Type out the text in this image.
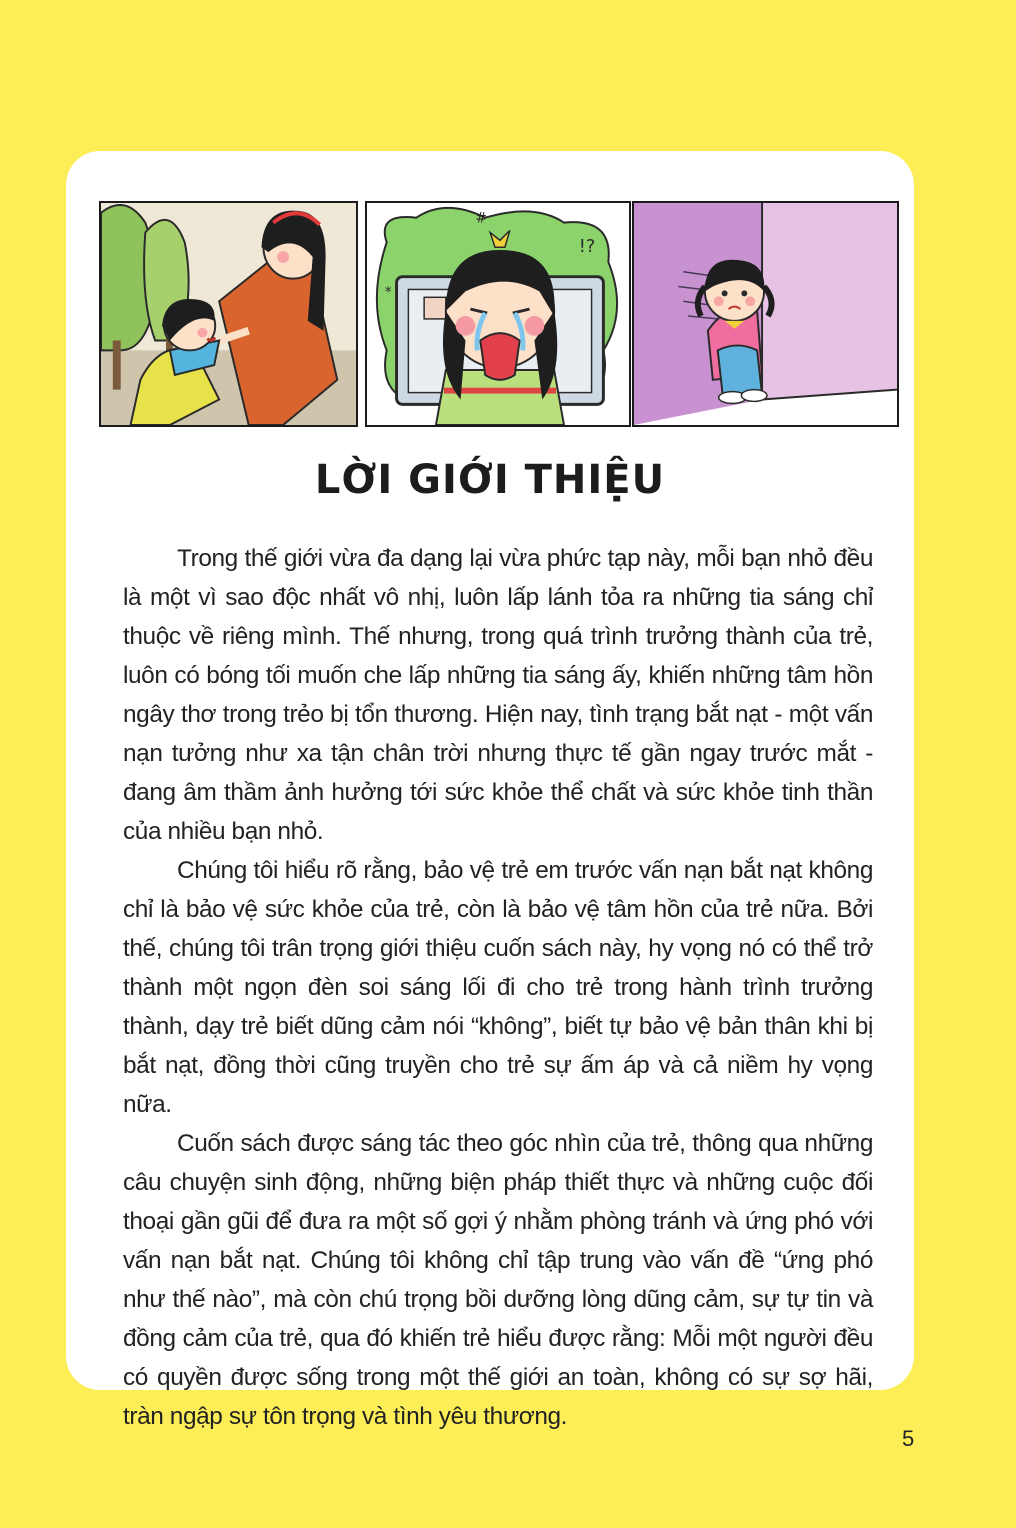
#
!?
*
LỜI GIỚI THIỆU

Trong thế giới vừa đa dạng lại vừa phức tạp này, mỗi bạn nhỏ đều là một vì sao độc nhất vô nhị, luôn lấp lánh tỏa ra những tia sáng chỉ thuộc về riêng mình. Thế nhưng, trong quá trình trưởng thành của trẻ, luôn có bóng tối muốn che lấp những tia sáng ấy, khiến những tâm hồn ngây thơ trong trẻo bị tổn thương. Hiện nay, tình trạng bắt nạt - một vấn nạn tưởng như xa tận chân trời nhưng thực tế gần ngay trước mắt - đang âm thầm ảnh hưởng tới sức khỏe thể chất và sức khỏe tinh thần của nhiều bạn nhỏ.

Chúng tôi hiểu rõ rằng, bảo vệ trẻ em trước vấn nạn bắt nạt không chỉ là bảo vệ sức khỏe của trẻ, còn là bảo vệ tâm hồn của trẻ nữa. Bởi thế, chúng tôi trân trọng giới thiệu cuốn sách này, hy vọng nó có thể trở thành một ngọn đèn soi sáng lối đi cho trẻ trong hành trình trưởng thành, dạy trẻ biết dũng cảm nói “không”, biết tự bảo vệ bản thân khi bị bắt nạt, đồng thời cũng truyền cho trẻ sự ấm áp và cả niềm hy vọng nữa.

Cuốn sách được sáng tác theo góc nhìn của trẻ, thông qua những câu chuyện sinh động, những biện pháp thiết thực và những cuộc đối thoại gần gũi để đưa ra một số gợi ý nhằm phòng tránh và ứng phó với vấn nạn bắt nạt. Chúng tôi không chỉ tập trung vào vấn đề “ứng phó như thế nào”, mà còn chú trọng bồi dưỡng lòng dũng cảm, sự tự tin và đồng cảm của trẻ, qua đó khiến trẻ hiểu được rằng: Mỗi một người đều có quyền được sống trong một thế giới an toàn, không có sự sợ hãi, tràn ngập sự tôn trọng và tình yêu thương.

5
